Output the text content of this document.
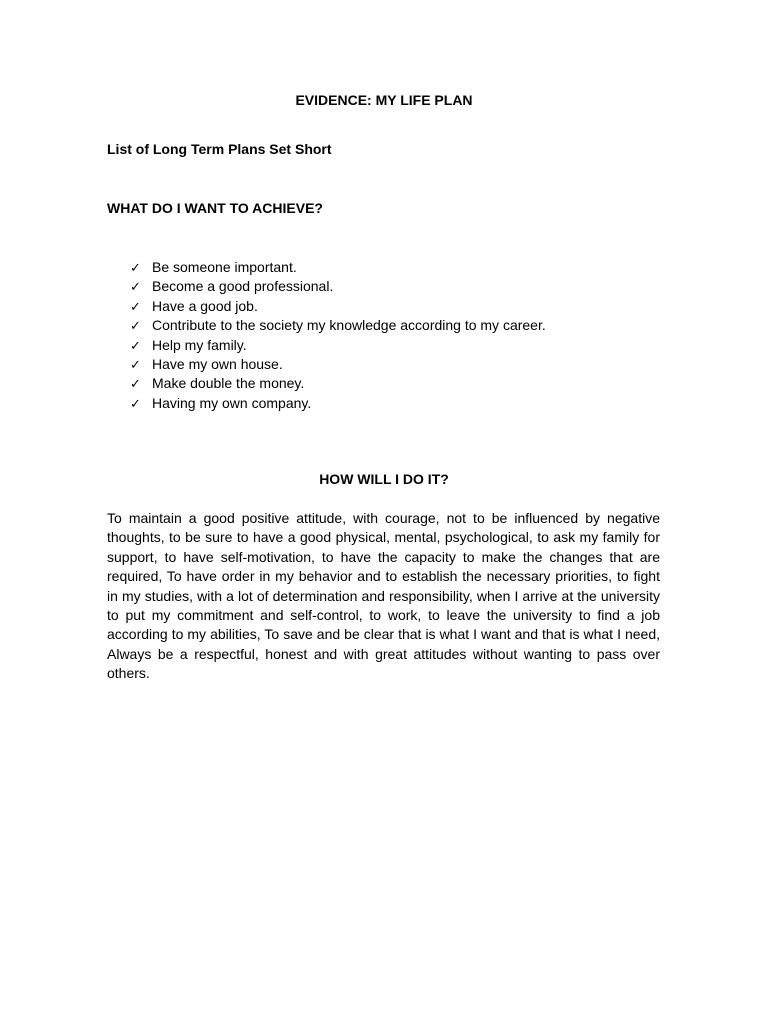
EVIDENCE: MY LIFE PLAN
List of Long Term Plans Set Short
WHAT DO I WANT TO ACHIEVE?
✓ Be someone important.
✓ Become a good professional.
✓ Have a good job.
✓ Contribute to the society my knowledge according to my career.
✓ Help my family.
✓ Have my own house.
✓ Make double the money.
✓ Having my own company.
HOW WILL I DO IT?

To maintain a good positive attitude, with courage, not to be influenced by negative thoughts, to be sure to have a good physical, mental, psychological, to ask my family for support, to have self-motivation, to have the capacity to make the changes that are required, To have order in my behavior and to establish the necessary priorities, to fight in my studies, with a lot of determination and responsibility, when I arrive at the university to put my commitment and self-control, to work, to leave the university to find a job according to my abilities, To save and be clear that is what I want and that is what I need, Always be a respectful, honest and with great attitudes without wanting to pass over others.
